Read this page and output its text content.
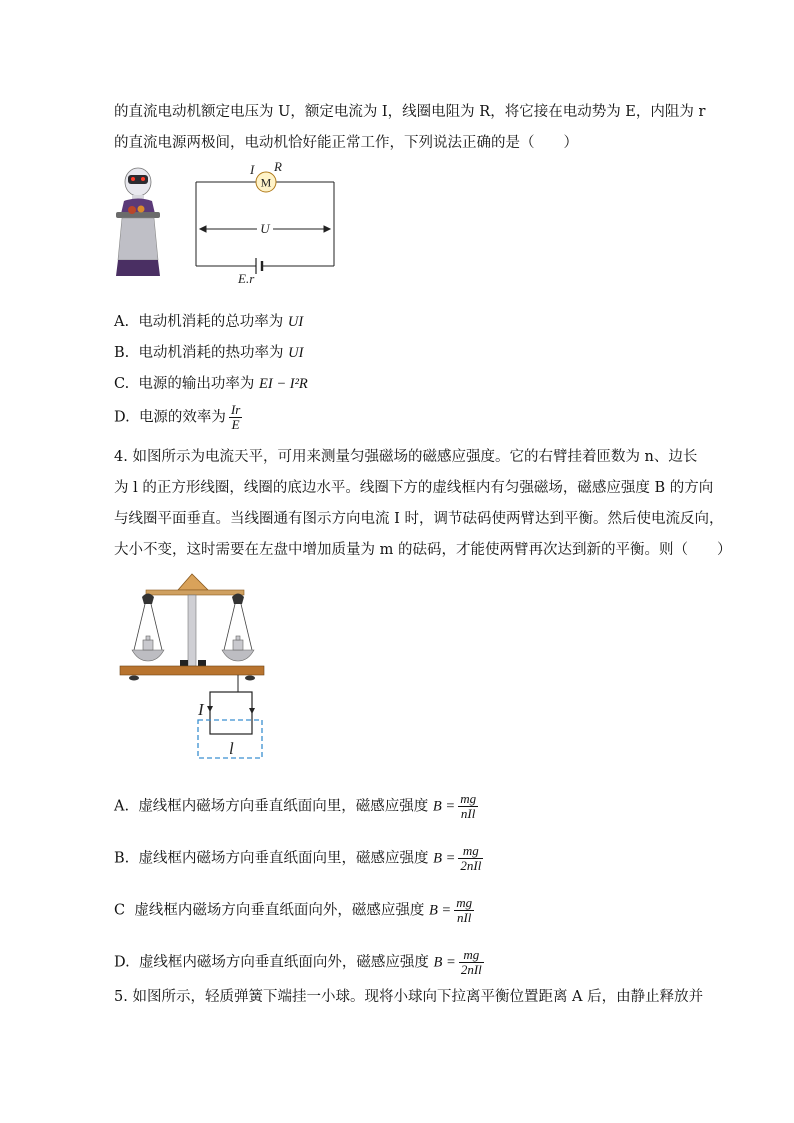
的直流电动机额定电压为 U，额定电流为 I，线圈电阻为 R，将它接在电动势为 E，内阻为 r
的直流电源两极间，电动机恰好能正常工作，下列说法正确的是（　　）
M
I R
U
E.r
A. 电动机消耗的总功率为 UI
B. 电动机消耗的热功率为 UI
C. 电源的输出功率为 EI − I²R
D. 电源的效率为 $\frac{Ir}{E}$
4. 如图所示为电流天平，可用来测量匀强磁场的磁感应强度。它的右臂挂着匝数为 n、边长
为 l 的正方形线圈，线圈的底边水平。线圈下方的虚线框内有匀强磁场，磁感应强度 B 的方向
与线圈平面垂直。当线圈通有图示方向电流 I 时，调节砝码使两臂达到平衡。然后使电流反向，
大小不变，这时需要在左盘中增加质量为 m 的砝码，才能使两臂再次达到新的平衡。则（　　）
I
l
A. 虚线框内磁场方向垂直纸面向里，磁感应强度 $B = \frac{mg}{\text{nIl}}$
B. 虚线框内磁场方向垂直纸面向里，磁感应强度 $B = \frac{mg}{\text{2nIl}}$
C 虚线框内磁场方向垂直纸面向外，磁感应强度 $B = \frac{mg}{\text{nIl}}$
D. 虚线框内磁场方向垂直纸面向外，磁感应强度 $B = \frac{mg}{\text{2nIl}}$
5. 如图所示，轻质弹簧下端挂一小球。现将小球向下拉离平衡位置距离 A 后，由静止释放并
